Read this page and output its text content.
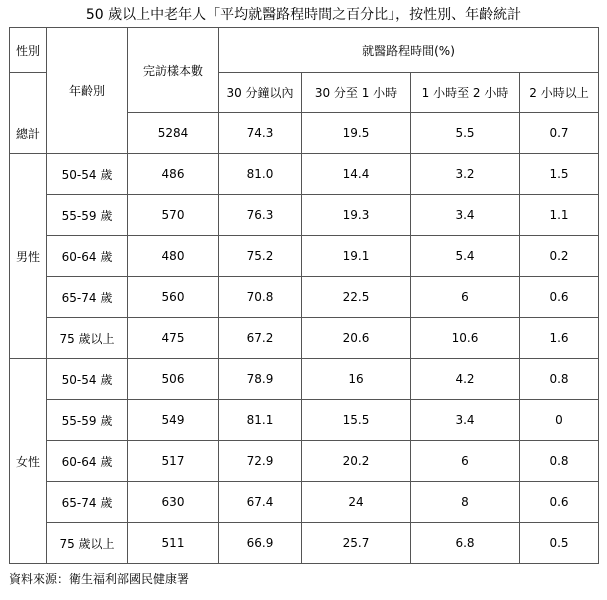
50 歲以上中老年人「平均就醫路程時間之百分比」，按性別、年齡統計
性別	年齡別	完訪樣本數	就醫路程時間(%)			
			30 分鐘以內	30 分至 1 小時	1 小時至 2 小時	2 小時以上
總計		5284	74.3	19.5	5.5	0.7
男性	50-54 歲	486	81.0	14.4	3.2	1.5
	55-59 歲	570	76.3	19.3	3.4	1.1
	60-64 歲	480	75.2	19.1	5.4	0.2
	65-74 歲	560	70.8	22.5	6	0.6
	75 歲以上	475	67.2	20.6	10.6	1.6
女性	50-54 歲	506	78.9	16	4.2	0.8
	55-59 歲	549	81.1	15.5	3.4	0
	60-64 歲	517	72.9	20.2	6	0.8
	65-74 歲	630	67.4	24	8	0.6
	75 歲以上	511	66.9	25.7	6.8	0.5
資料來源：衛生福利部國民健康署
